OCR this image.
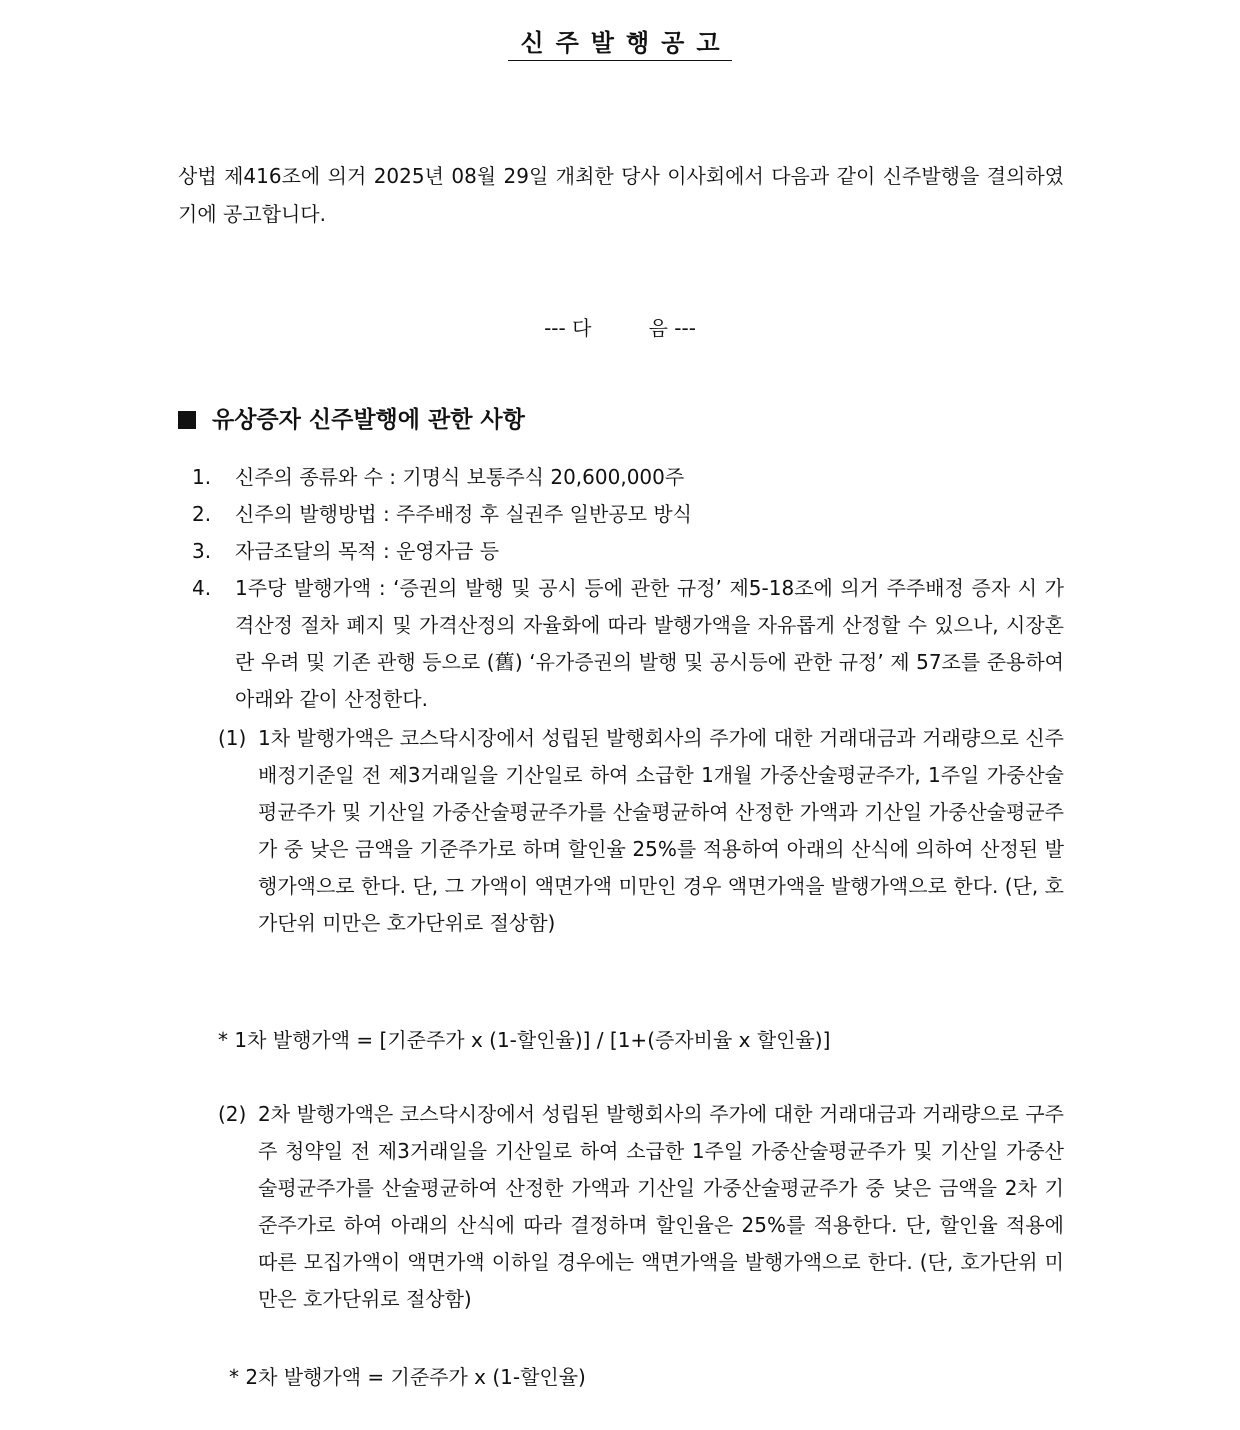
신주발행공고
상법 제416조에 의거 2025년 08월 29일 개최한 당사 이사회에서 다음과 같이 신주발행을 결의하였기에 공고합니다.
--- 다         음 ---
유상증자 신주발행에 관한 사항
1.	신주의 종류와 수 : 기명식 보통주식 20,600,000주
2.	신주의 발행방법 : 주주배정 후 실권주 일반공모 방식
3.	자금조달의 목적 : 운영자금 등
4.	1주당 발행가액 : ‘증권의 발행 및 공시 등에 관한 규정’ 제5-18조에 의거 주주배정 증자 시 가격산정 절차 폐지 및 가격산정의 자율화에 따라 발행가액을 자유롭게 산정할 수 있으나, 시장혼란 우려 및 기존 관행 등으로 (舊) ‘유가증권의 발행 및 공시등에 관한 규정’ 제 57조를 준용하여 아래와 같이 산정한다.
(1) 1차 발행가액은 코스닥시장에서 성립된 발행회사의 주가에 대한 거래대금과 거래량으로 신주배정기준일 전 제3거래일을 기산일로 하여 소급한 1개월 가중산술평균주가, 1주일 가중산술평균주가 및 기산일 가중산술평균주가를 산술평균하여 산정한 가액과 기산일 가중산술평균주가 중 낮은 금액을 기준주가로 하며 할인율 25%를 적용하여 아래의 산식에 의하여 산정된 발행가액으로 한다. 단, 그 가액이 액면가액 미만인 경우 액면가액을 발행가액으로 한다. (단, 호가단위 미만은 호가단위로 절상함)
* 1차 발행가액 = [기준주가 x (1-할인율)] / [1+(증자비율 x 할인율)]
(2) 2차 발행가액은 코스닥시장에서 성립된 발행회사의 주가에 대한 거래대금과 거래량으로 구주주 청약일 전 제3거래일을 기산일로 하여 소급한 1주일 가중산술평균주가 및 기산일 가중산술평균주가를 산술평균하여 산정한 가액과 기산일 가중산술평균주가 중 낮은 금액을 2차 기준주가로 하여 아래의 산식에 따라 결정하며 할인율은 25%를 적용한다. 단, 할인율 적용에 따른 모집가액이 액면가액 이하일 경우에는 액면가액을 발행가액으로 한다. (단, 호가단위 미만은 호가단위로 절상함)
* 2차 발행가액 = 기준주가 x (1-할인율)
